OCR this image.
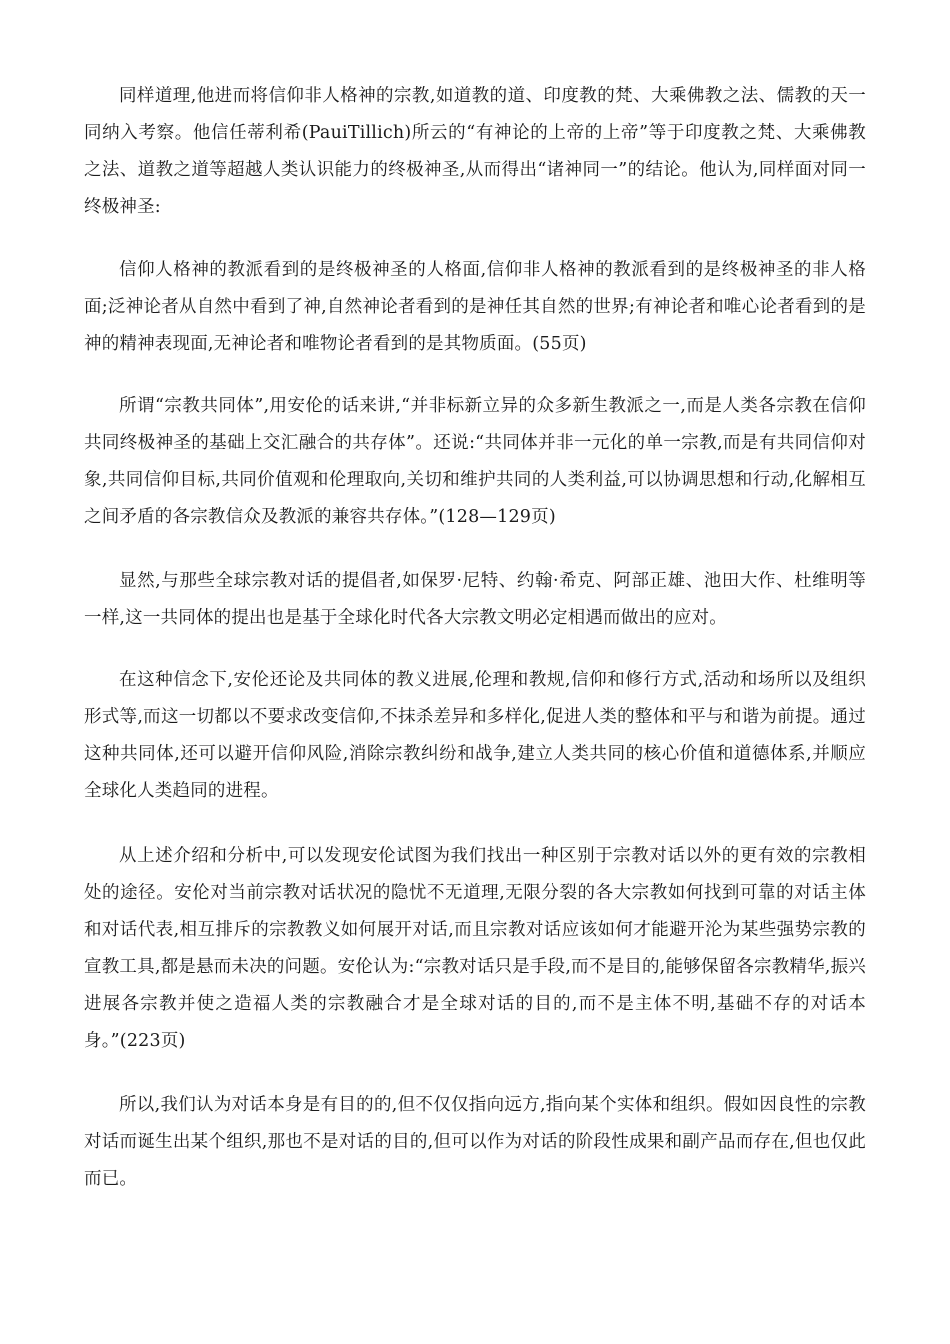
同样道理,他进而将信仰非人格神的宗教,如道教的道、印度教的梵、大乘佛教之法、儒教的天一同纳入考察。他信任蒂利希(PauiTillich)所云的“有神论的上帝的上帝”等于印度教之梵、大乘佛教之法、道教之道等超越人类认识能力的终极神圣,从而得出“诸神同一”的结论。他认为,同样面对同一终极神圣:

信仰人格神的教派看到的是终极神圣的人格面,信仰非人格神的教派看到的是终极神圣的非人格面;泛神论者从自然中看到了神,自然神论者看到的是神任其自然的世界;有神论者和唯心论者看到的是神的精神表现面,无神论者和唯物论者看到的是其物质面。(55页)

所谓“宗教共同体”,用安伦的话来讲,“并非标新立异的众多新生教派之一,而是人类各宗教在信仰共同终极神圣的基础上交汇融合的共存体”。还说:“共同体并非一元化的单一宗教,而是有共同信仰对象,共同信仰目标,共同价值观和伦理取向,关切和维护共同的人类利益,可以协调思想和行动,化解相互之间矛盾的各宗教信众及教派的兼容共存体。”(128—129页)

显然,与那些全球宗教对话的提倡者,如保罗·尼特、约翰·希克、阿部正雄、池田大作、杜维明等一样,这一共同体的提出也是基于全球化时代各大宗教文明必定相遇而做出的应对。

在这种信念下,安伦还论及共同体的教义进展,伦理和教规,信仰和修行方式,活动和场所以及组织形式等,而这一切都以不要求改变信仰,不抹杀差异和多样化,促进人类的整体和平与和谐为前提。通过这种共同体,还可以避开信仰风险,消除宗教纠纷和战争,建立人类共同的核心价值和道德体系,并顺应全球化人类趋同的进程。

从上述介绍和分析中,可以发现安伦试图为我们找出一种区别于宗教对话以外的更有效的宗教相处的途径。安伦对当前宗教对话状况的隐忧不无道理,无限分裂的各大宗教如何找到可靠的对话主体和对话代表,相互排斥的宗教教义如何展开对话,而且宗教对话应该如何才能避开沦为某些强势宗教的宣教工具,都是悬而未决的问题。安伦认为:“宗教对话只是手段,而不是目的,能够保留各宗教精华,振兴进展各宗教并使之造福人类的宗教融合才是全球对话的目的,而不是主体不明,基础不存的对话本身。”(223页)

所以,我们认为对话本身是有目的的,但不仅仅指向远方,指向某个实体和组织。假如因良性的宗教对话而诞生出某个组织,那也不是对话的目的,但可以作为对话的阶段性成果和副产品而存在,但也仅此而已。
